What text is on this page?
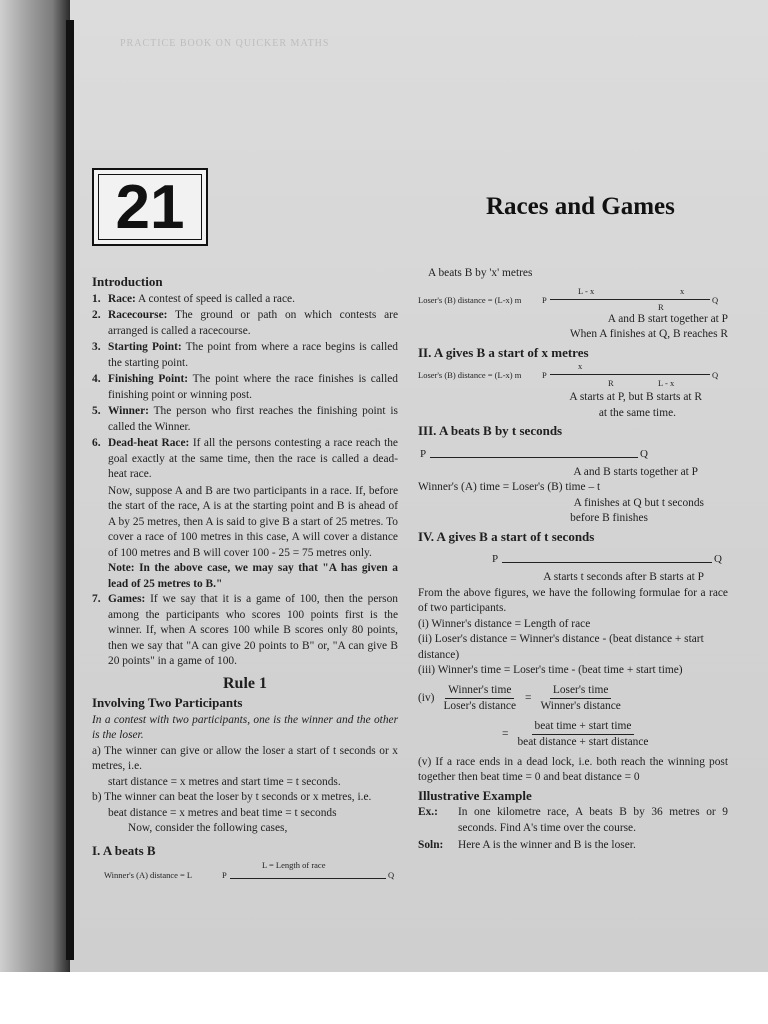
PRACTICE BOOK ON QUICKER MATHS
21	Races and Games
Introduction
1. Race: A contest of speed is called a race.
2. Racecourse: The ground or path on which contests are arranged is called a racecourse.
3. Starting Point: The point from where a race begins is called the starting point.
4. Finishing Point: The point where the race finishes is called finishing point or winning post.
5. Winner: The person who first reaches the finishing point is called the Winner.
6. Dead-heat Race: If all the persons contesting a race reach the goal exactly at the same time, then the race is called a dead-heat race.
Now, suppose A and B are two participants in a race. If, before the start of the race, A is at the starting point and B is ahead of A by 25 metres, then A is said to give B a start of 25 metres. To cover a race of 100 metres in this case, A will cover a distance of 100 metres and B will cover 100 - 25 = 75 metres only.
Note: In the above case, we may say that "A has given a lead of 25 metres to B."
7. Games: If we say that it is a game of 100, then the person among the participants who scores 100 points first is the winner. If, when A scores 100 while B scores only 80 points, then we say that "A can give 20 points to B" or, "A can give B 20 points" in a game of 100.
Rule 1
Involving Two Participants
In a contest with two participants, one is the winner and the other is the loser.
a) The winner can give or allow the loser a start of t seconds or x metres, i.e.
start distance = x metres and start time = t seconds.
b) The winner can beat the loser by t seconds or x metres, i.e.
beat distance = x metres and beat time = t seconds
Now, consider the following cases,
I. A beats B
Winner's (A) distance = L	P	Q
L = Length of race
A beats B by 'x' metres
Loser's (B) distance = (L-x) m P	Q
R
L - x	x
A and B start together at P
When A finishes at Q, B reaches R
II. A gives B a start of x metres
Loser's (B) distance = (L-x) m P	Q
R
x
L - x
A starts at P, but B starts at R
at the same time.
III. A beats B by t seconds
P	Q
A and B starts together at P
Winner's (A) time = Loser's (B) time – t
A finishes at Q but t seconds
before B finishes
IV. A gives B a start of t seconds
P	Q
A starts t seconds after B starts at P
From the above figures, we have the following formulae for a race of two participants.
(i) Winner's distance = Length of race
(ii) Loser's distance = Winner's distance - (beat distance + start distance)
(iii) Winner's time = Loser's time - (beat time + start time)
$(iv) \frac{\text{Winner's time}}{\text{Loser's distance}} = \frac{\text{Loser's time}}{\text{Winner's distance}}$
= $\frac{\text{beat time + start time}}{\text{beat distance + start distance}}$
(v) If a race ends in a dead lock, i.e. both reach the winning post together then beat time = 0 and beat distance = 0
Illustrative Example
Ex.:	In one kilometre race, A beats B by 36 metres or 9 seconds. Find A's time over the course.
Soln:	Here A is the winner and B is the loser.
